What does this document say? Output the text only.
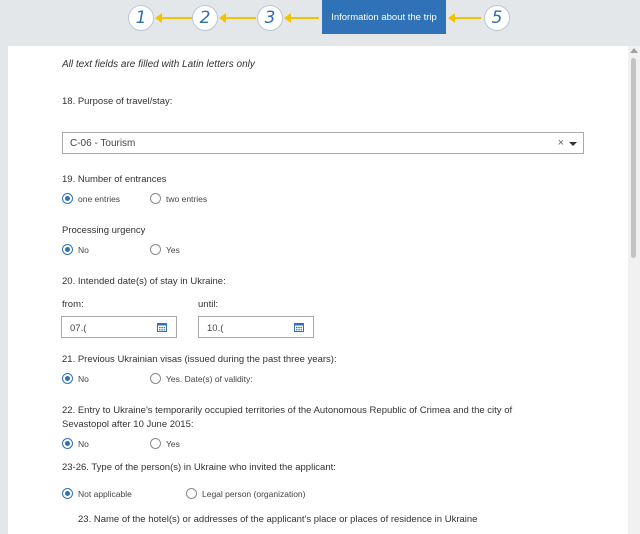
1	2	3	Information about the trip	5
All text fields are filled with Latin letters only
18. Purpose of travel/stay:
C-06 - Tourism	×
19. Number of entrances
one entries	two entries
Processing urgency
No	Yes
20. Intended date(s) of stay in Ukraine:
from:	until:
07.(	10.(
21. Previous Ukrainian visas (issued during the past three years):
No	Yes. Date(s) of validity:
22. Entry to Ukraine's temporarily occupied territories of the Autonomous Republic of Crimea and the city of
Sevastopol after 10 June 2015:
No	Yes
23-26. Type of the person(s) in Ukraine who invited the applicant:
Not applicable	Legal person (organization)
23. Name of the hotel(s) or addresses of the applicant's place or places of residence in Ukraine
